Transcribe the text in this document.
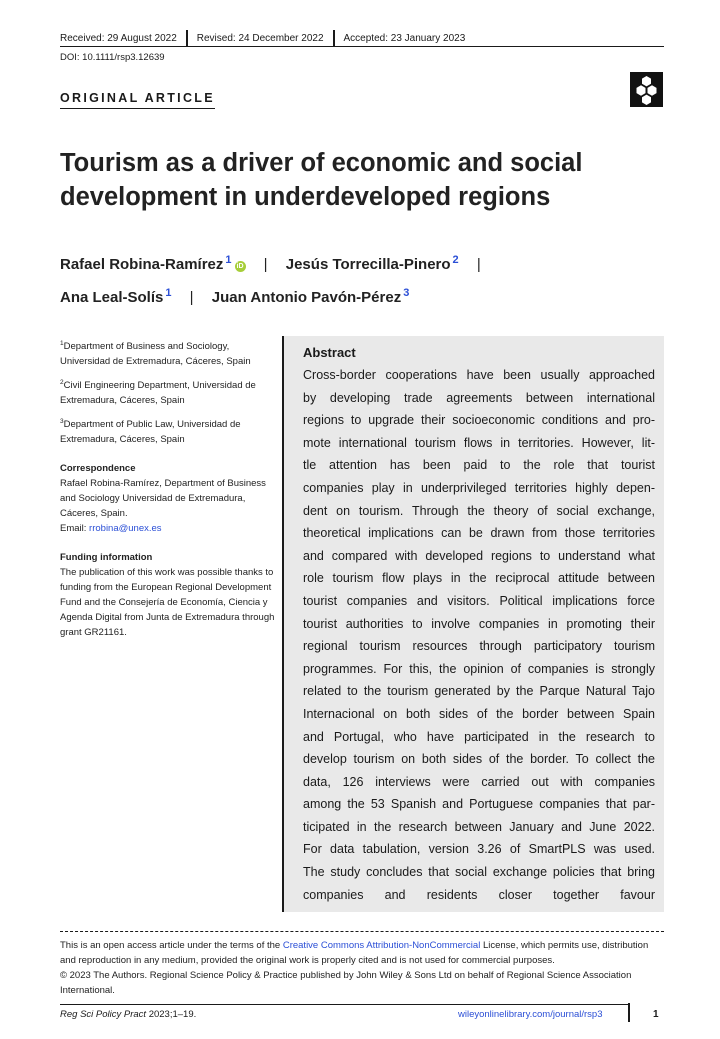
Received: 29 August 2022 Revised: 24 December 2022 Accepted: 23 January 2023
DOI: 10.1111/rsp3.12639
ORIGINAL ARTICLE
Tourism as a driver of economic and social development in underdeveloped regions
Rafael Robina-Ramírez $^1$iD | Jesús Torrecilla-Pinero $^2$ |
Ana Leal-Solís $^1$ | Juan Antonio Pavón-Pérez $^3$
$^1$Department of Business and Sociology, Universidad de Extremadura, Cáceres, Spain
$^2$Civil Engineering Department, Universidad de Extremadura, Cáceres, Spain
$^3$Department of Public Law, Universidad de Extremadura, Cáceres, Spain
Correspondence
Rafael Robina-Ramírez, Department of Business and Sociology Universidad de Extremadura, Cáceres, Spain.
Email: rrobina@unex.es
Funding information
The publication of this work was possible thanks to funding from the European Regional Development Fund and the Consejería de Economía, Ciencia y Agenda Digital from Junta de Extremadura through grant GR21161.
Abstract
Cross-border cooperations have been usually approached
by developing trade agreements between international
regions to upgrade their socioeconomic conditions and pro-
mote international tourism flows in territories. However, lit-
tle attention has been paid to the role that tourist
companies play in underprivileged territories highly depen-
dent on tourism. Through the theory of social exchange,
theoretical implications can be drawn from those territories
and compared with developed regions to understand what
role tourism flow plays in the reciprocal attitude between
tourist companies and visitors. Political implications force
tourist authorities to involve companies in promoting their
regional tourism resources through participatory tourism
programmes. For this, the opinion of companies is strongly
related to the tourism generated by the Parque Natural Tajo
Internacional on both sides of the border between Spain
and Portugal, who have participated in the research to
develop tourism on both sides of the border. To collect the
data, 126 interviews were carried out with companies
among the 53 Spanish and Portuguese companies that par-
ticipated in the research between January and June 2022.
For data tabulation, version 3.26 of SmartPLS was used.
The study concludes that social exchange policies that bring
companies and residents closer together favour
This is an open access article under the terms of the Creative Commons Attribution-NonCommercial License, which permits use, distribution and reproduction in any medium, provided the original work is properly cited and is not used for commercial purposes.
© 2023 The Authors. Regional Science Policy & Practice published by John Wiley & Sons Ltd on behalf of Regional Science Association International.
Reg Sci Policy Pract 2023;1–19.	wileyonlinelibrary.com/journal/rsp3	1
